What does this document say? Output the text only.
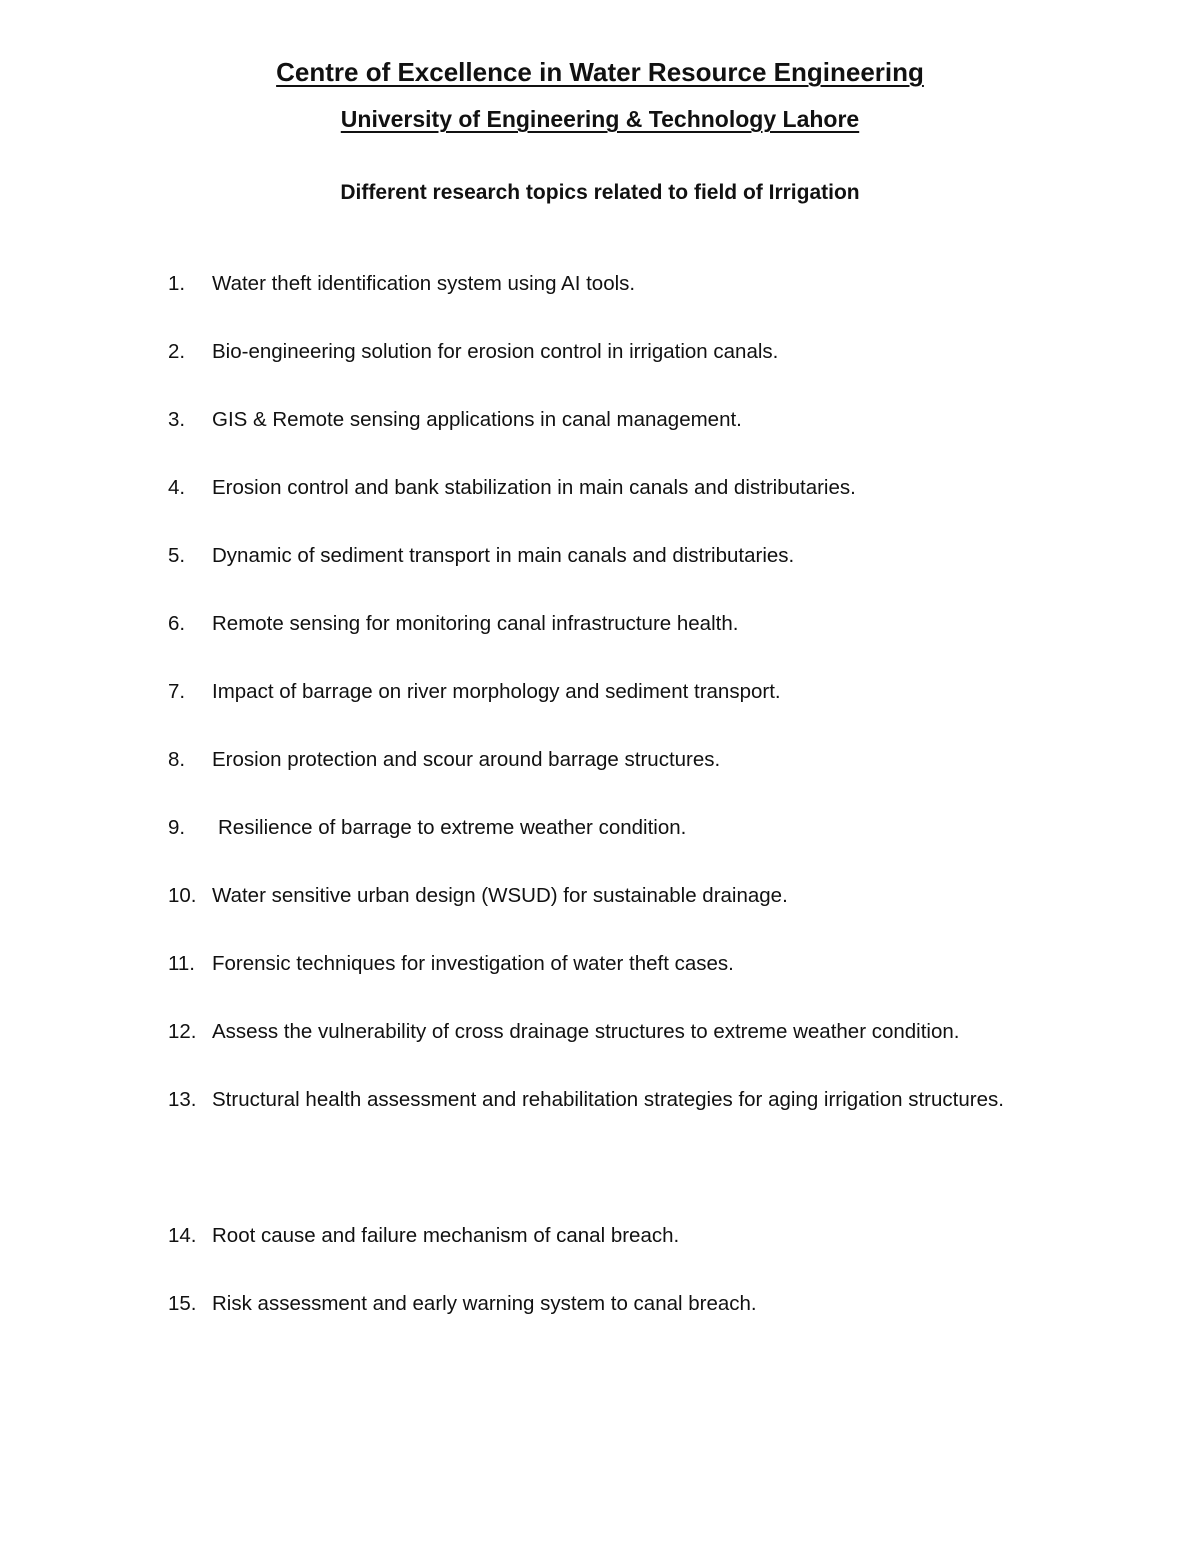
Centre of Excellence in Water Resource Engineering
University of Engineering & Technology Lahore
Different research topics related to field of Irrigation
1. Water theft identification system using AI tools.
2. Bio-engineering solution for erosion control in irrigation canals.
3. GIS & Remote sensing applications in canal management.
4. Erosion control and bank stabilization in main canals and distributaries.
5. Dynamic of sediment transport in main canals and distributaries.
6. Remote sensing for monitoring canal infrastructure health.
7. Impact of barrage on river morphology and sediment transport.
8. Erosion protection and scour around barrage structures.
9. Resilience of barrage to extreme weather condition.
10. Water sensitive urban design (WSUD) for sustainable drainage.
11. Forensic techniques for investigation of water theft cases.
12. Assess the vulnerability of cross drainage structures to extreme weather condition.
13. Structural health assessment and rehabilitation strategies for aging irrigation structures.
14. Root cause and failure mechanism of canal breach.
15. Risk assessment and early warning system to canal breach.
